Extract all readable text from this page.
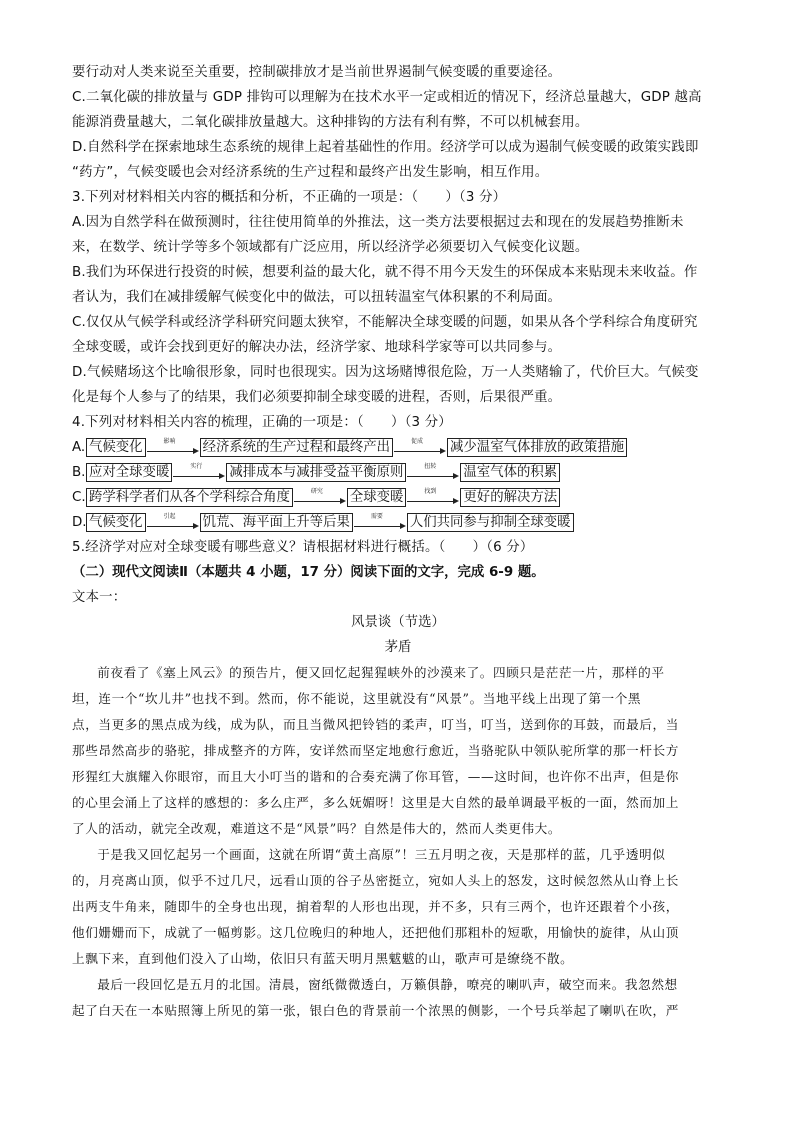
要行动对人类来说至关重要，控制碳排放才是当前世界遏制气候变暖的重要途径。
C.二氧化碳的排放量与 GDP 排钩可以理解为在技术水平一定或相近的情况下，经济总量越大，GDP 越高
能源消费量越大，二氧化碳排放量越大。这种排钩的方法有利有弊，不可以机械套用。
D.自然科学在探索地球生态系统的规律上起着基础性的作用。经济学可以成为遏制气候变暖的政策实践即
“药方”，气候变暖也会对经济系统的生产过程和最终产出发生影响，相互作用。
3.下列对材料相关内容的概括和分析，不正确的一项是：（　　）（3 分）
A.因为自然学科在做预测时，往往使用简单的外推法，这一类方法要根据过去和现在的发展趋势推断未
来，在数学、统计学等多个领域都有广泛应用，所以经济学必须要切入气候变化议题。
B.我们为环保进行投资的时候，想要利益的最大化，就不得不用今天发生的环保成本来贴现未来收益。作
者认为，我们在减排缓解气候变化中的做法，可以扭转温室气体积累的不利局面。
C.仅仅从气候学科或经济学科研究问题太狭窄，不能解决全球变暖的问题，如果从各个学科综合角度研究
全球变暖，或许会找到更好的解决办法，经济学家、地球科学家等可以共同参与。
D.气候赌场这个比喻很形象，同时也很现实。因为这场赌博很危险，万一人类赌输了，代价巨大。气候变
化是每个人参与了的结果，我们必须要抑制全球变暖的进程，否则，后果很严重。
4.下列对材料相关内容的梳理，正确的一项是：（　　）（3 分）
A. 气候变化	影响	经济系统的生产过程和最终产出	促成	减少温室气体排放的政策措施
B. 应对全球变暖	实行	减排成本与减排受益平衡原则	扭转	温室气体的积累
C. 跨学科学者们从各个学科综合角度	研究	全球变暖	找到	更好的解决方法
D. 气候变化	引起	饥荒、海平面上升等后果	需要	人们共同参与抑制全球变暖
5.经济学对应对全球变暖有哪些意义？请根据材料进行概括。（　　）（6 分）
（二）现代文阅读Ⅱ（本题共 4 小题，17 分）阅读下面的文字，完成 6-9 题。
文本一：
风景谈（节选）
茅盾
前夜看了《塞上风云》的预告片，便又回忆起猩猩峡外的沙漠来了。四顾只是茫茫一片，那样的平
坦，连一个“坎儿井”也找不到。然而，你不能说，这里就没有“风景”。当地平线上出现了第一个黑
点，当更多的黑点成为线，成为队，而且当微风把铃铛的柔声，叮当，叮当，送到你的耳鼓，而最后，当
那些昂然高步的骆驼，排成整齐的方阵，安详然而坚定地愈行愈近，当骆驼队中领队驼所掌的那一杆长方
形猩红大旗耀入你眼帘，而且大小叮当的谐和的合奏充满了你耳管，——这时间，也许你不出声，但是你
的心里会涌上了这样的感想的：多么庄严，多么妩媚呀！这里是大自然的最单调最平板的一面，然而加上
了人的活动，就完全改观，难道这不是“风景”吗？自然是伟大的，然而人类更伟大。
于是我又回忆起另一个画面，这就在所谓“黄土高原”！三五月明之夜，天是那样的蓝，几乎透明似
的，月亮离山顶，似乎不过几尺，远看山顶的谷子丛密挺立，宛如人头上的怒发，这时候忽然从山脊上长
出两支牛角来，随即牛的全身也出现，掮着犁的人形也出现，并不多，只有三两个，也许还跟着个小孩，
他们姗姗而下，成就了一幅剪影。这几位晚归的种地人，还把他们那粗朴的短歌，用愉快的旋律，从山顶
上飘下来，直到他们没入了山坳，依旧只有蓝天明月黑魃魃的山，歌声可是缭绕不散。
最后一段回忆是五月的北国。清晨，窗纸微微透白，万籁俱静，嘹亮的喇叭声，破空而来。我忽然想
起了白天在一本贴照簿上所见的第一张，银白色的背景前一个浓黑的侧影，一个号兵举起了喇叭在吹，严
